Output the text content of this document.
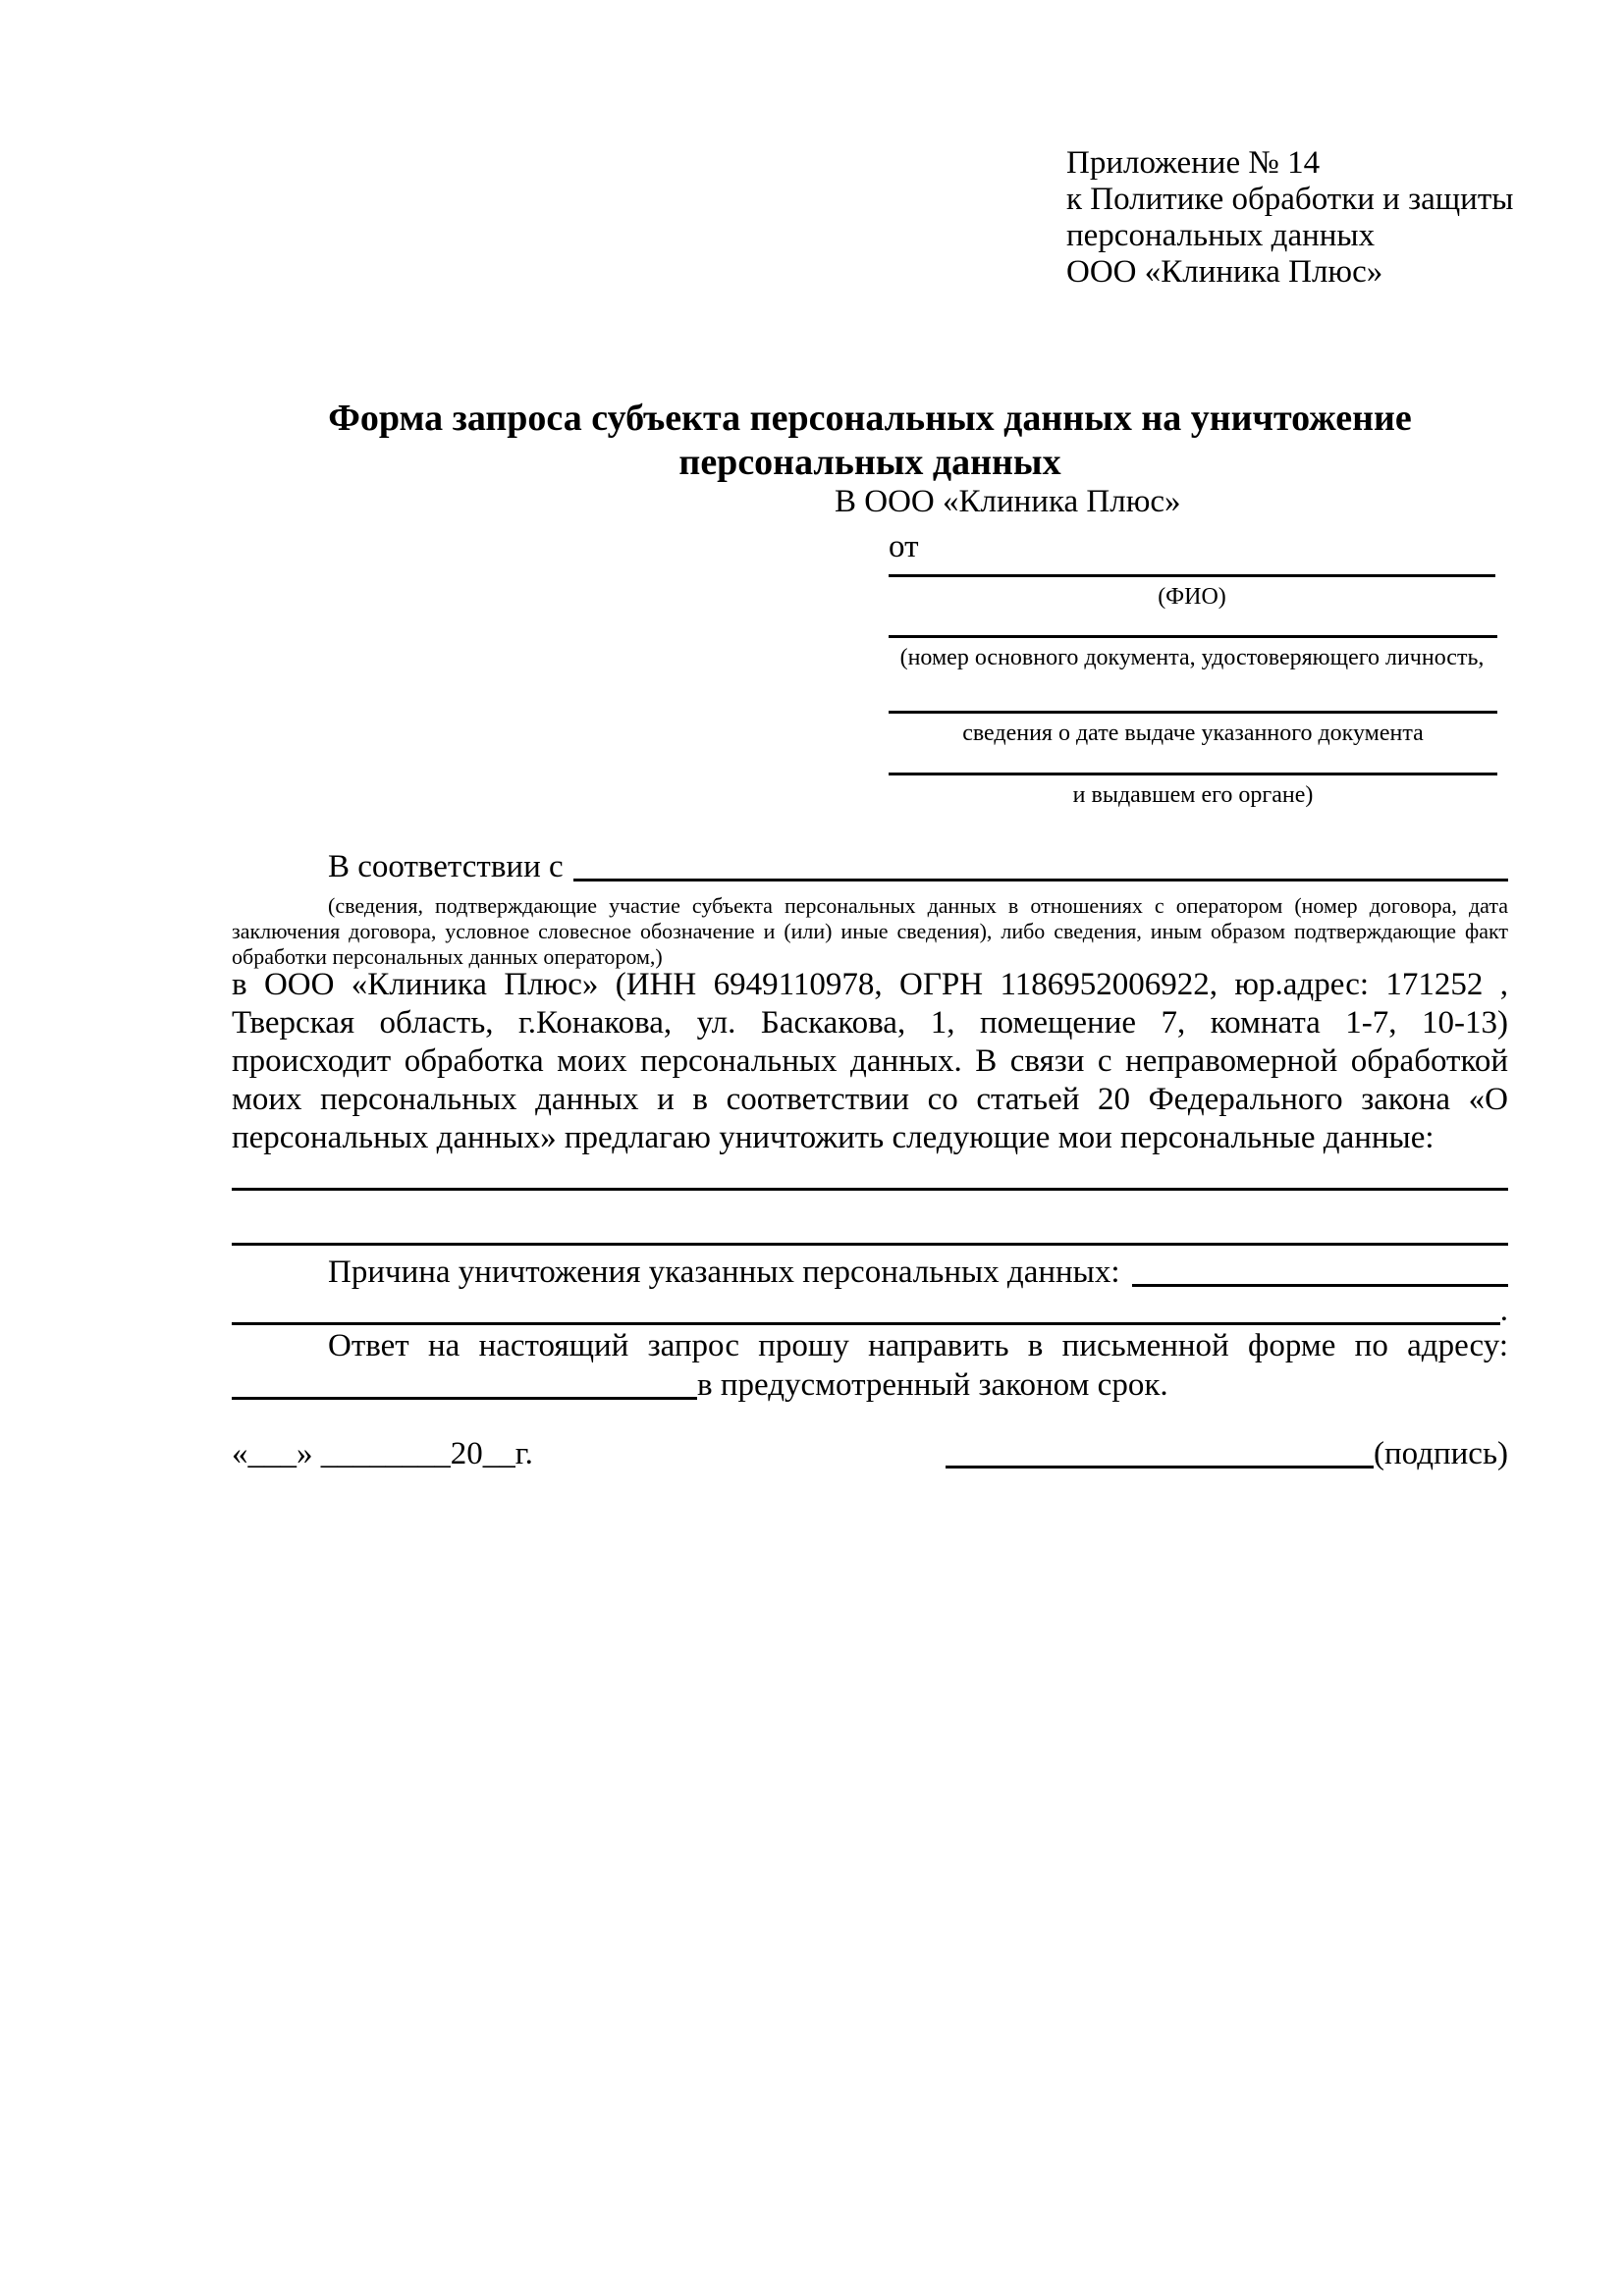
Приложение № 14
к Политике обработки и защиты
персональных данных
ООО «Клиника Плюс»
Форма запроса субъекта персональных данных на уничтожение
персональных данных
В ООО «Клиника Плюс»
от
(ФИО)
(номер основного документа, удостоверяющего личность,
сведения о дате выдаче указанного документа
и выдавшем его органе)
В соответствии с
(сведения, подтверждающие участие субъекта персональных данных в отношениях с оператором (номер договора, дата
заключения договора, условное словесное обозначение и (или) иные сведения), либо сведения, иным образом подтверждающие факт
обработки персональных данных оператором,)
в ООО «Клиника Плюс» (ИНН 6949110978, ОГРН 1186952006922, юр.адрес: 171252 ,
Тверская область, г.Конакова, ул. Баскакова, 1, помещение 7, комната 1-7, 10-13)
происходит обработка моих персональных данных. В связи с неправомерной обработкой
моих персональных данных и в соответствии со статьей 20 Федерального закона «О
персональных данных» предлагаю уничтожить следующие мои персональные данные:
Причина уничтожения указанных персональных данных:
.
Ответ на настоящий запрос прошу направить в письменной форме по адресу:
в предусмотренный законом срок.
«___» ________20__г.	(подпись)
